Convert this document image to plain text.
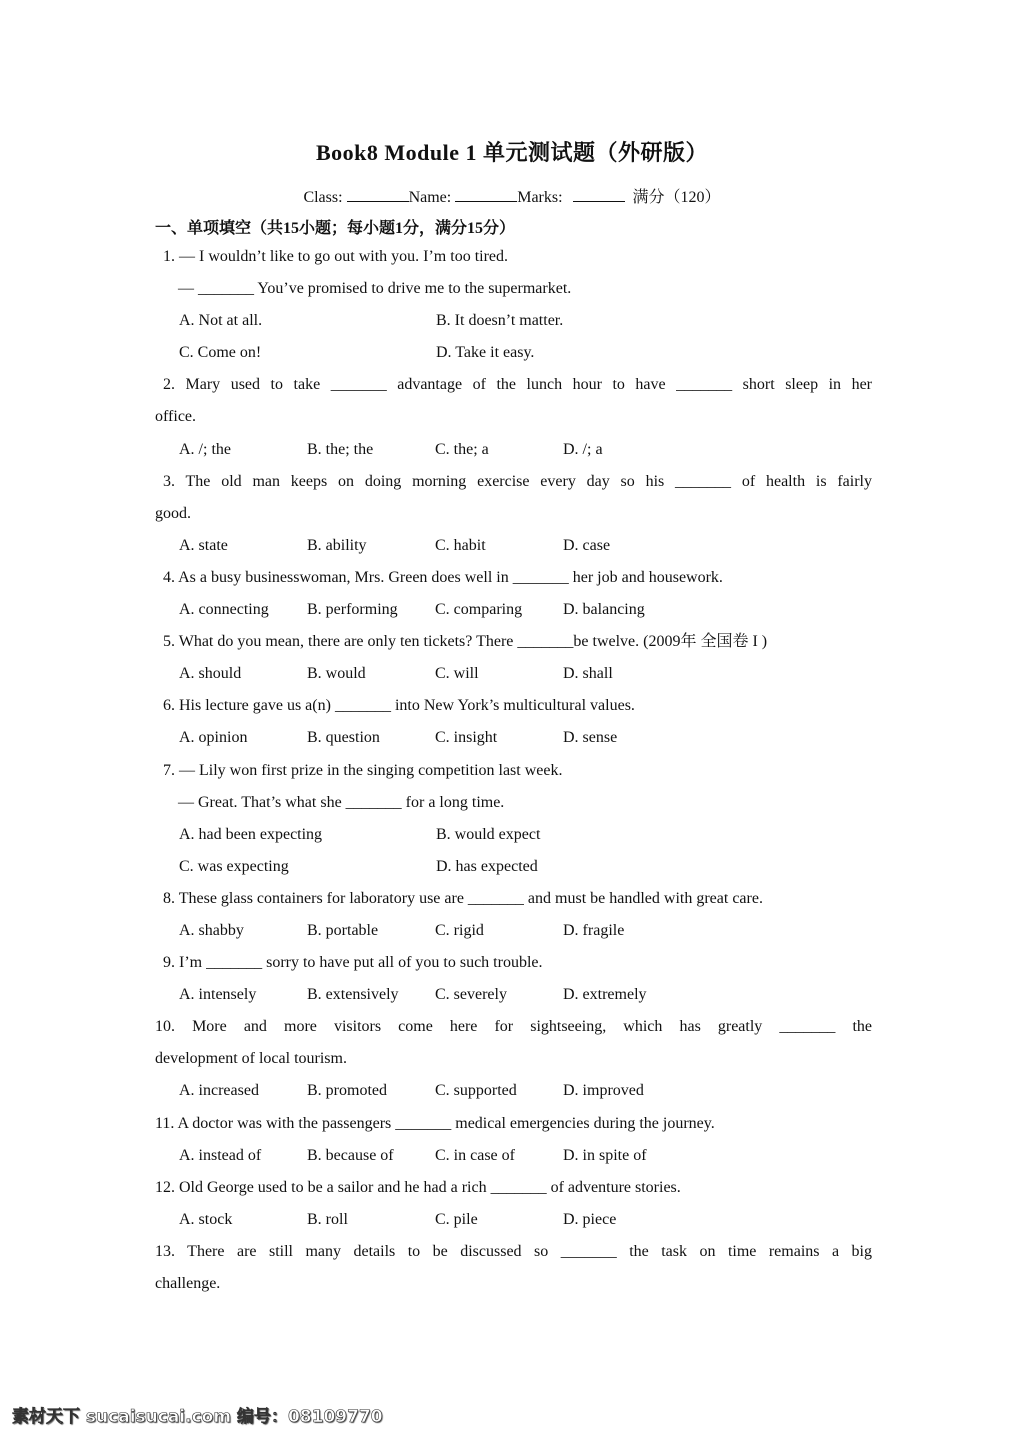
Book8 Module 1 单元测试题（外研版）
Class:	Name:	Marks:	满分（120）
一、单项填空（共15小题；每小题1分，满分15分）
1. — I wouldn’t like to go out with you. I’m too tired.
— _______ You’ve promised to drive me to the supermarket.
A. Not at all.	B. It doesn’t matter.
C. Come on!	D. Take it easy.
2. Mary used to take _______ advantage of the lunch hour to have _______ short sleep in her
office.
A. /; the	B. the; the	C. the; a	D. /; a
3. The old man keeps on doing morning exercise every day so his _______ of health is fairly
good.
A. state	B. ability	C. habit	D. case
4. As a busy businesswoman, Mrs. Green does well in _______ her job and housework.
A. connecting	B. performing	C. comparing	D. balancing
5. What do you mean, there are only ten tickets? There _______be twelve. (2009年 全国卷 I )
A. should	B. would	C. will	D. shall
6. His lecture gave us a(n) _______ into New York’s multicultural values.
A. opinion	B. question	C. insight	D. sense
7. — Lily won first prize in the singing competition last week.
— Great. That’s what she _______ for a long time.
A. had been expecting	B. would expect
C. was expecting	D. has expected
8. These glass containers for laboratory use are _______ and must be handled with great care.
A. shabby	B. portable	C. rigid	D. fragile
9. I’m _______ sorry to have put all of you to such trouble.
A. intensely	B. extensively	C. severely	D. extremely
10. More and more visitors come here for sightseeing, which has greatly _______ the
development of local tourism.
A. increased	B. promoted	C. supported	D. improved
11. A doctor was with the passengers _______ medical emergencies during the journey.
A. instead of	B. because of	C. in case of	D. in spite of
12. Old George used to be a sailor and he had a rich _______ of adventure stories.
A. stock	B. roll	C. pile	D. piece
13. There are still many details to be discussed so _______ the task on time remains a big
challenge.
素材天下 sucaisucai.com 编号：08109770
